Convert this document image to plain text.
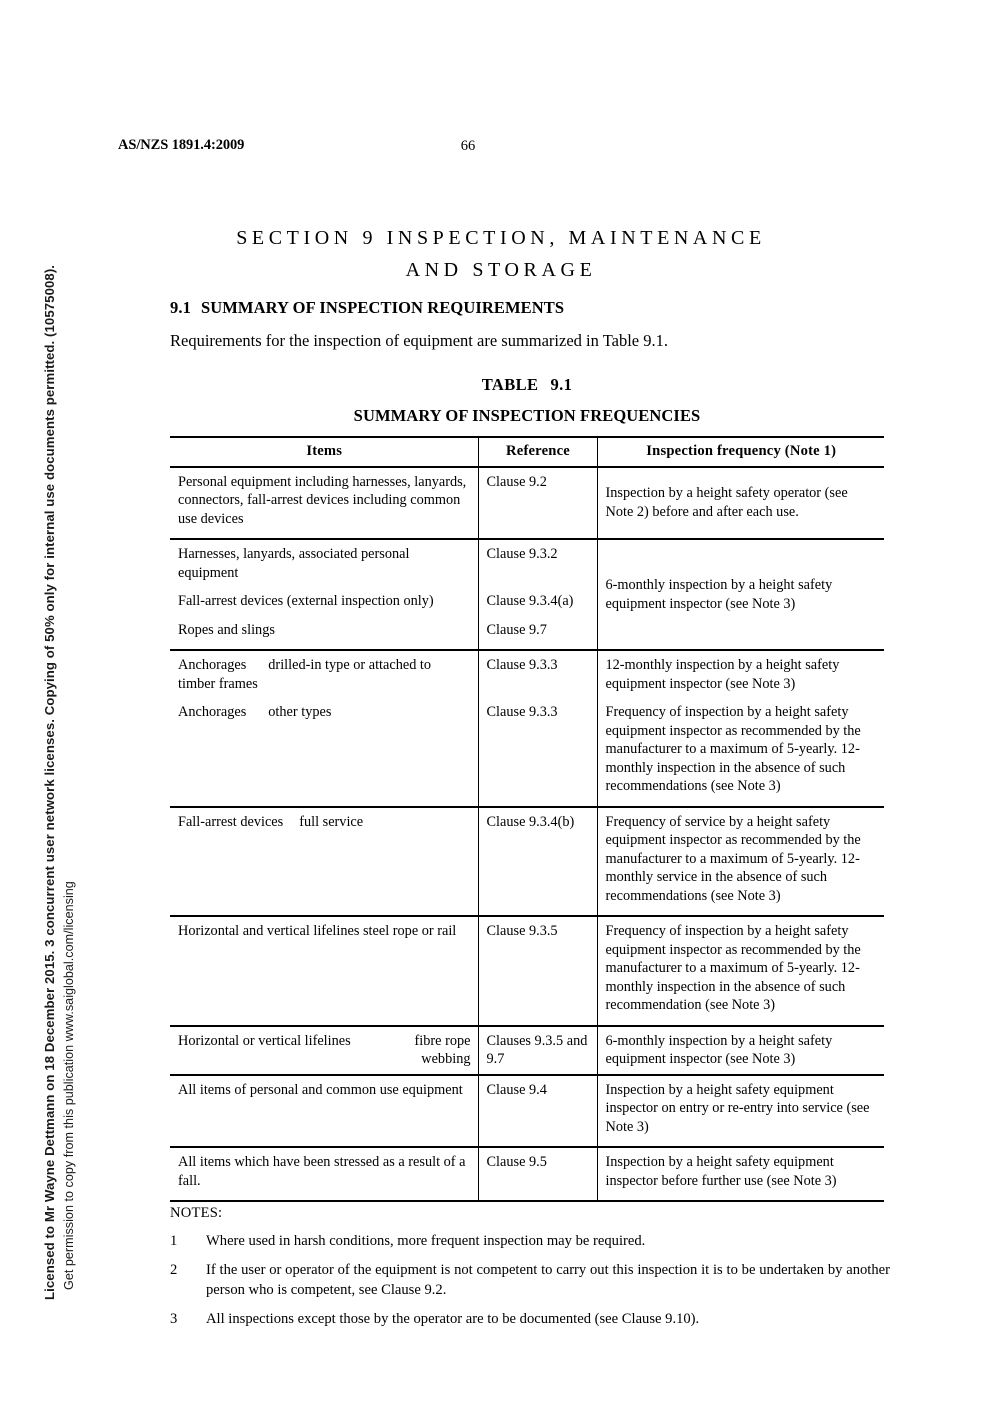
Licensed to Mr Wayne Dettmann on 18 December 2015. 3 concurrent user network licenses. Copying of 50% only for internal use documents permitted. (10575008). Get permission to copy from this publication www.saiglobal.com/licensing
AS/NZS 1891.4:2009	66
SECTION 9 INSPECTION, MAINTENANCE
AND STORAGE
9.1 SUMMARY OF INSPECTION REQUIREMENTS
Requirements for the inspection of equipment are summarized in Table 9.1.
TABLE 9.1
SUMMARY OF INSPECTION FREQUENCIES
Items	Reference	Inspection frequency (Note 1)
Personal equipment including harnesses, lanyards, connectors, fall-arrest devices including common use devices	Clause 9.2	Inspection by a height safety operator (see Note 2) before and after each use.
Harnesses, lanyards, associated personal equipment	Clause 9.3.2	6-monthly inspection by a height safety equipment inspector (see Note 3)
Fall-arrest devices (external inspection only)	Clause 9.3.4(a)	
Ropes and slings	Clause 9.7	
Anchorages drilled-in type or attached to timber frames	Clause 9.3.3	12-monthly inspection by a height safety equipment inspector (see Note 3)
Anchorages other types	Clause 9.3.3	Frequency of inspection by a height safety equipment inspector as recommended by the manufacturer to a maximum of 5-yearly. 12-monthly inspection in the absence of such recommendations (see Note 3)
Fall-arrest devices full service	Clause 9.3.4(b)	Frequency of service by a height safety equipment inspector as recommended by the manufacturer to a maximum of 5-yearly. 12-monthly service in the absence of such recommendations (see Note 3)
Horizontal and vertical lifelines steel rope or rail	Clause 9.3.5	Frequency of inspection by a height safety equipment inspector as recommended by the manufacturer to a maximum of 5-yearly. 12-monthly inspection in the absence of such recommendation (see Note 3)
Horizontal or vertical lifelines fibre rope
webbing	Clauses 9.3.5 and 9.7	6-monthly inspection by a height safety equipment inspector (see Note 3)
All items of personal and common use equipment	Clause 9.4	Inspection by a height safety equipment inspector on entry or re-entry into service (see Note 3)
All items which have been stressed as a result of a fall.	Clause 9.5	Inspection by a height safety equipment inspector before further use (see Note 3)

NOTES:
1 Where used in harsh conditions, more frequent inspection may be required.
2 If the user or operator of the equipment is not competent to carry out this inspection it is to be undertaken by another person who is competent, see Clause 9.2.
3 All inspections except those by the operator are to be documented (see Clause 9.10).
